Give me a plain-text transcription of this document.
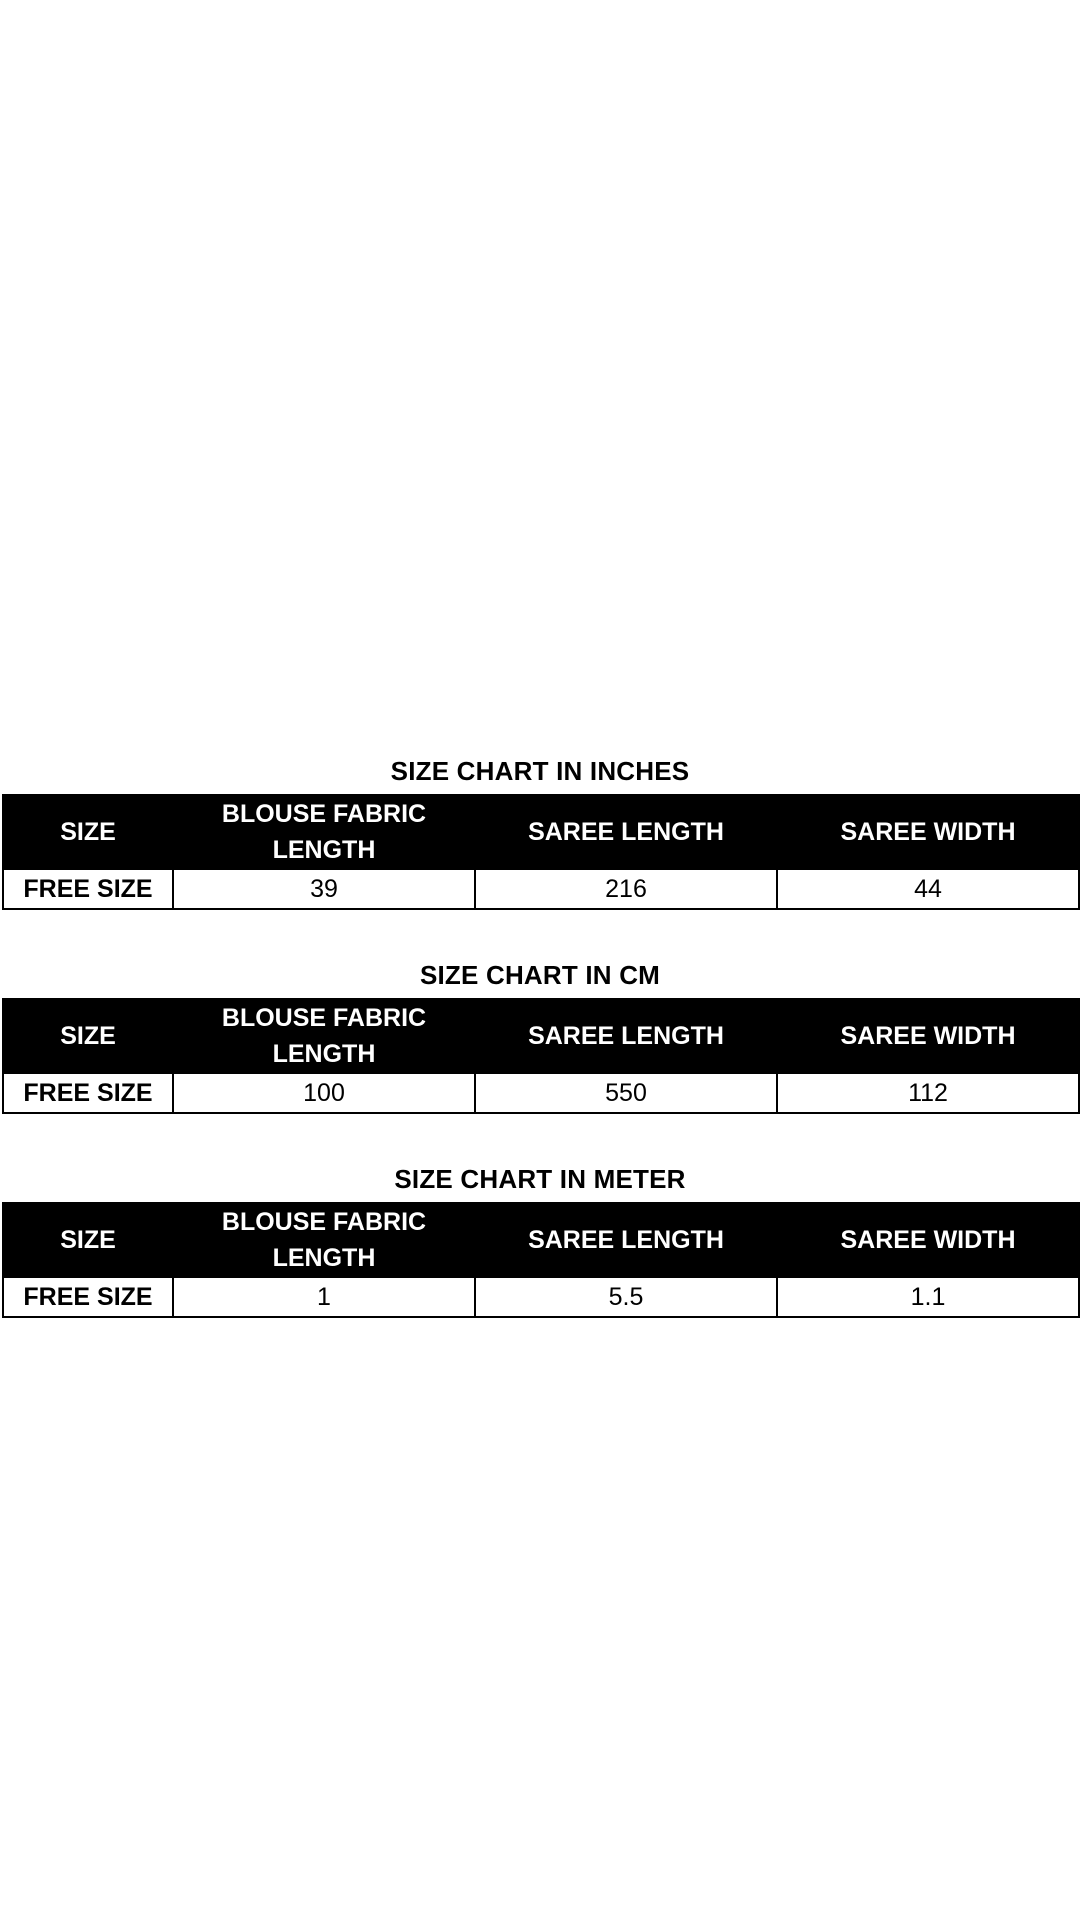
SIZE CHART IN INCHES
SIZE	BLOUSE FABRIC LENGTH	SAREE LENGTH	SAREE WIDTH
FREE SIZE	39	216	44
SIZE CHART IN CM
SIZE	BLOUSE FABRIC LENGTH	SAREE LENGTH	SAREE WIDTH
FREE SIZE	100	550	112
SIZE CHART IN METER
SIZE	BLOUSE FABRIC LENGTH	SAREE LENGTH	SAREE WIDTH
FREE SIZE	1	5.5	1.1
